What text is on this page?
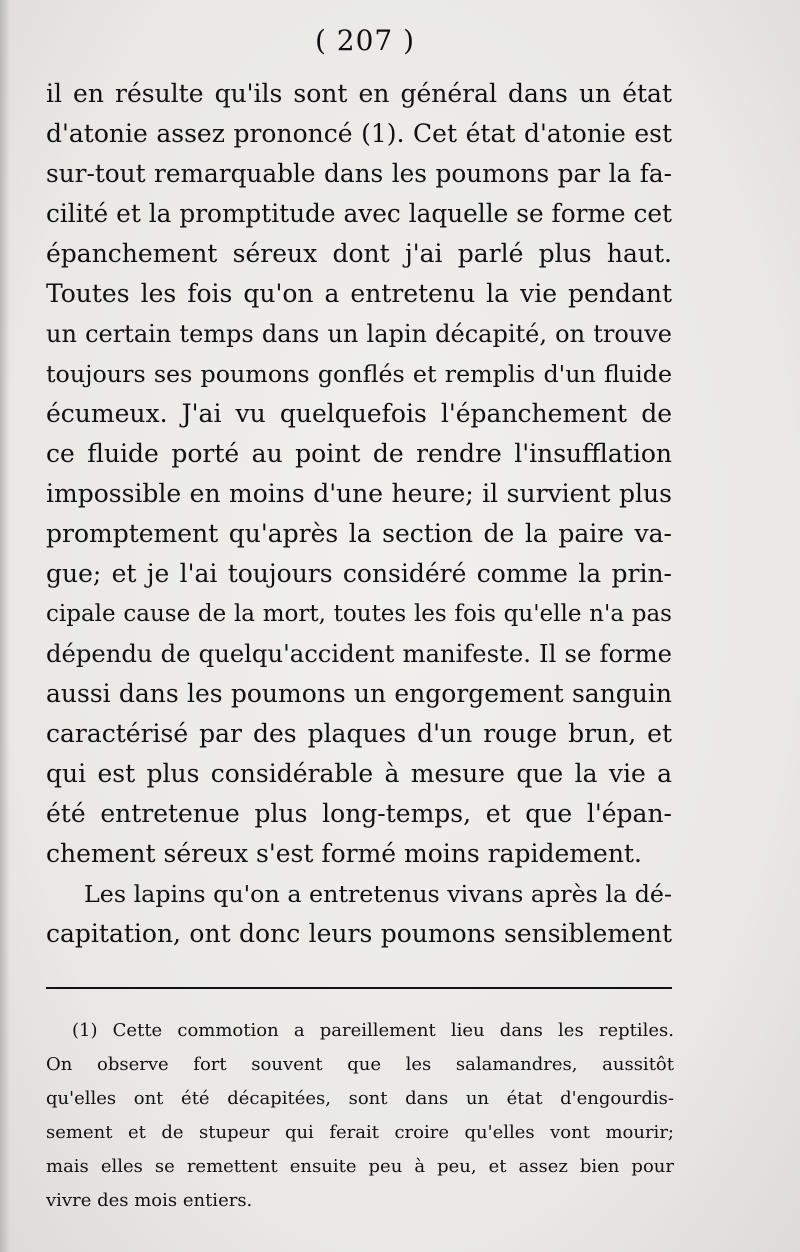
( 207 )
il en résulte qu'ils sont en général dans un état
d'atonie assez prononcé (1). Cet état d'atonie est
sur-tout remarquable dans les poumons par la fa-
cilité et la promptitude avec laquelle se forme cet
épanchement séreux dont j'ai parlé plus haut.
Toutes les fois qu'on a entretenu la vie pendant
un certain temps dans un lapin décapité, on trouve
toujours ses poumons gonflés et remplis d'un fluide
écumeux. J'ai vu quelquefois l'épanchement de
ce fluide porté au point de rendre l'insufflation
impossible en moins d'une heure; il survient plus
promptement qu'après la section de la paire va-
gue; et je l'ai toujours considéré comme la prin-
cipale cause de la mort, toutes les fois qu'elle n'a pas
dépendu de quelqu'accident manifeste. Il se forme
aussi dans les poumons un engorgement sanguin
caractérisé par des plaques d'un rouge brun, et
qui est plus considérable à mesure que la vie a
été entretenue plus long-temps, et que l'épan-
chement séreux s'est formé moins rapidement.
Les lapins qu'on a entretenus vivans après la dé-
capitation, ont donc leurs poumons sensiblement
(1) Cette commotion a pareillement lieu dans les reptiles.
On observe fort souvent que les salamandres, aussitôt
qu'elles ont été décapitées, sont dans un état d'engourdis-
sement et de stupeur qui ferait croire qu'elles vont mourir;
mais elles se remettent ensuite peu à peu, et assez bien pour
vivre des mois entiers.
